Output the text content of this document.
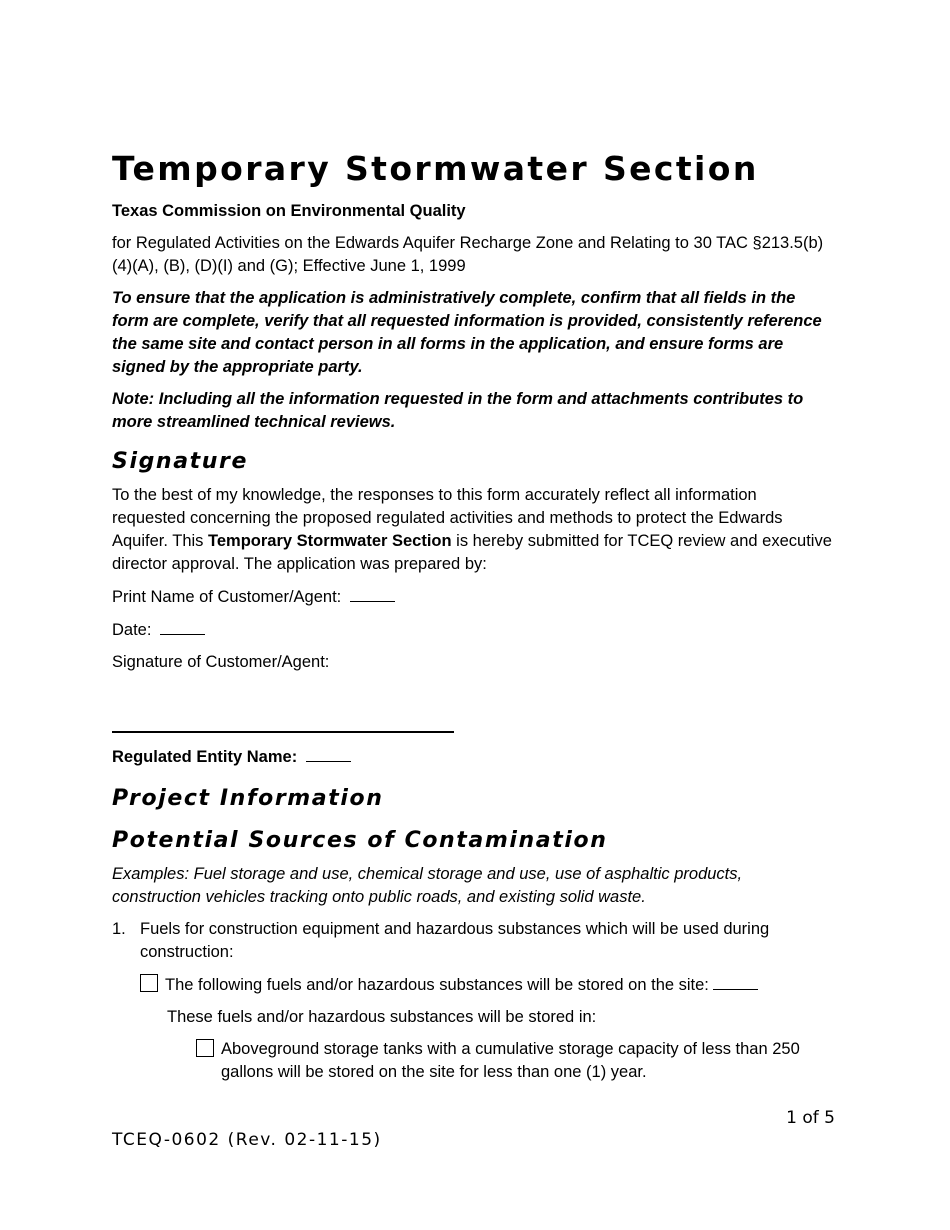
Temporary Stormwater Section
Texas Commission on Environmental Quality

for Regulated Activities on the Edwards Aquifer Recharge Zone and Relating to 30 TAC §213.5(b)(4)(A), (B), (D)(I) and (G); Effective June 1, 1999

To ensure that the application is administratively complete, confirm that all fields in the form are complete, verify that all requested information is provided, consistently reference the same site and contact person in all forms in the application, and ensure forms are signed by the appropriate party.

Note: Including all the information requested in the form and attachments contributes to more streamlined technical reviews.

Signature

To the best of my knowledge, the responses to this form accurately reflect all information requested concerning the proposed regulated activities and methods to protect the Edwards Aquifer. This Temporary Stormwater Section is hereby submitted for TCEQ review and executive director approval. The application was prepared by:

Print Name of Customer/Agent:

Date:

Signature of Customer/Agent:

Regulated Entity Name:
Project Information
Potential Sources of Contamination

Examples: Fuel storage and use, chemical storage and use, use of asphaltic products, construction vehicles tracking onto public roads, and existing solid waste.

1. Fuels for construction equipment and hazardous substances which will be used during construction:
The following fuels and/or hazardous substances will be stored on the site:

These fuels and/or hazardous substances will be stored in:

Aboveground storage tanks with a cumulative storage capacity of less than 250 gallons will be stored on the site for less than one (1) year.
1 of 5
TCEQ-0602 (Rev. 02-11-15)
